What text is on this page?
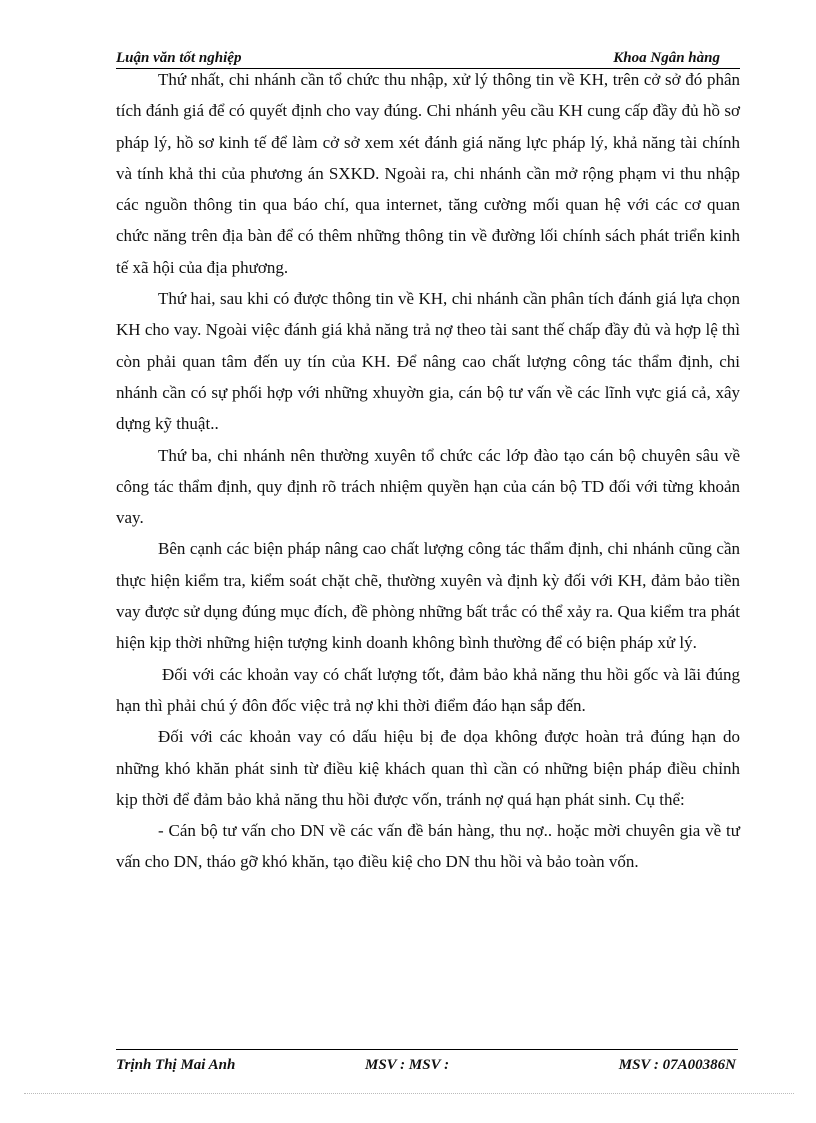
Luận văn tốt nghiệp	Khoa Ngân hàng

Thứ nhất, chi nhánh cần tổ chức thu nhập, xử lý thông tin về KH, trên cở sở đó phân tích đánh giá để có quyết định cho vay đúng. Chi nhánh yêu cầu KH cung cấp đầy đủ hồ sơ pháp lý, hồ sơ kinh tế để làm cở sở xem xét đánh giá năng lực pháp lý, khả năng tài chính và tính khả thi của phương án SXKD. Ngoài ra, chi nhánh cần mở rộng phạm vi thu nhập các nguồn thông tin qua báo chí, qua internet, tăng cường mối quan hệ với các cơ quan chức năng trên địa bàn để có thêm những thông tin về đường lối chính sách phát triển kinh tế xã hội của địa phương.

Thứ hai, sau khi có được thông tin về KH, chi nhánh cần phân tích đánh giá lựa chọn KH cho vay. Ngoài việc đánh giá khả năng trả nợ theo tài sant thế chấp đầy đủ và hợp lệ thì còn phải quan tâm đến uy tín của KH. Để nâng cao chất lượng công tác thẩm định, chi nhánh cần có sự phối hợp với những xhuyờn gia, cán bộ tư vấn về các lĩnh vực giá cả, xây dựng kỹ thuật..

Thứ ba, chi nhánh nên thường xuyên tổ chức các lớp đào tạo cán bộ chuyên sâu về công tác thẩm định, quy định rõ trách nhiệm quyền hạn của cán bộ TD đối với từng khoản vay.

Bên cạnh các biện pháp nâng cao chất lượng công tác thẩm định, chi nhánh cũng cần thực hiện kiểm tra, kiểm soát chặt chẽ, thường xuyên và định kỳ đối với KH, đảm bảo tiền vay được sử dụng đúng mục đích, đề phòng những bất trắc có thể xảy ra. Qua kiểm tra phát hiện kịp thời những hiện tượng kinh doanh không bình thường để có biện pháp xử lý.

Đối với các khoản vay có chất lượng tốt, đảm bảo khả năng thu hồi gốc và lãi đúng hạn thì phải chú ý đôn đốc việc trả nợ khi thời điểm đáo hạn sắp đến.

Đối với các khoản vay có dấu hiệu bị đe dọa không được hoàn trả đúng hạn do những khó khăn phát sinh từ điều kiệ khách quan thì cần có những biện pháp điều chỉnh kịp thời để đảm bảo khả năng thu hồi được vốn, tránh nợ quá hạn phát sinh. Cụ thể:

- Cán bộ tư vấn cho DN về các vấn đề bán hàng, thu nợ.. hoặc mời chuyên gia về tư vấn cho DN, tháo gỡ khó khăn, tạo điều kiệ cho DN thu hồi và bảo toàn vốn.

Trịnh Thị Mai Anh	MSV : MSV :	MSV : 07A00386N
